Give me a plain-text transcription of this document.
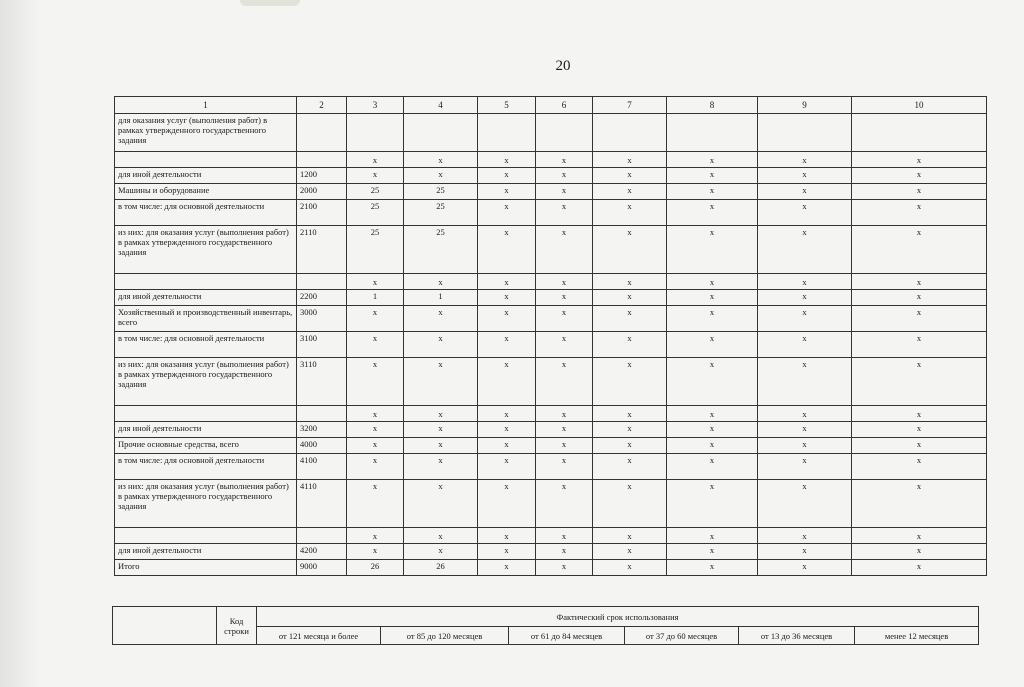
20
1	2	3	4	5	6	7	8	9	10
для оказания услуг (выполнения работ) в рамках утвержденного государственного задания									
		x	x	x	x	x	x	x	x
для иной деятельности	1200	x	x	x	x	x	x	x	x
Машины и оборудование	2000	25	25	x	x	x	x	x	x
в том числе: для основной деятельности	2100	25	25	x	x	x	x	x	x
из них: для оказания услуг (выполнения работ) в рамках утвержденного государственного задания	2110	25	25	x	x	x	x	x	x
		x	x	x	x	x	x	x	x
для иной деятельности	2200	1	1	x	x	x	x	x	x
Хозяйственный и производственный инвентарь, всего	3000	x	x	x	x	x	x	x	x
в том числе: для основной деятельности	3100	x	x	x	x	x	x	x	x
из них: для оказания услуг (выполнения работ) в рамках утвержденного государственного задания	3110	x	x	x	x	x	x	x	x
		x	x	x	x	x	x	x	x
для иной деятельности	3200	x	x	x	x	x	x	x	x
Прочие основные средства, всего	4000	x	x	x	x	x	x	x	x
в том числе: для основной деятельности	4100	x	x	x	x	x	x	x	x
из них: для оказания услуг (выполнения работ) в рамках утвержденного государственного задания	4110	x	x	x	x	x	x	x	x
		x	x	x	x	x	x	x	x
для иной деятельности	4200	x	x	x	x	x	x	x	x
Итого	9000	26	26	x	x	x	x	x	x
	Код строки	Фактический срок использования					
		от 121 месяца и более	от 85 до 120 месяцев	от 61 до 84 месяцев	от 37 до 60 месяцев	от 13 до 36 месяцев	менее 12 месяцев
